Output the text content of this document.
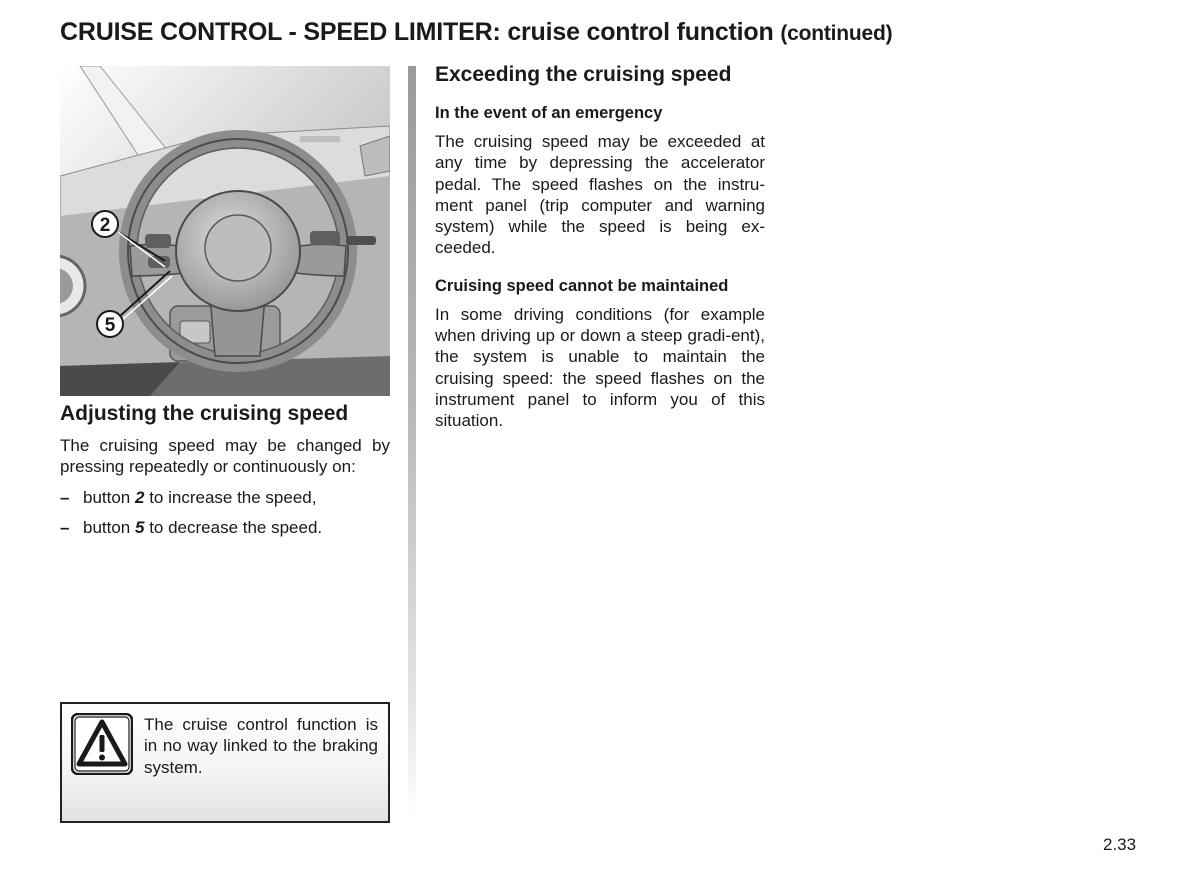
CRUISE CONTROL - SPEED LIMITER: cruise control function (continued)
2
5
Adjusting the cruising speed

The cruising speed may be changed by pressing repeatedly or continuously on:

– button 2 to increase the speed,
– button 5 to decrease the speed.

The cruise control function is in no way linked to the braking system.

Exceeding the cruising speed
In the event of an emergency

The cruising speed may be exceeded at any time by depressing the accelerator pedal. The speed flashes on the instru-ment panel (trip computer and warning system) while the speed is being ex-ceeded.

Cruising speed cannot be maintained

In some driving conditions (for example when driving up or down a steep gradi-ent), the system is unable to maintain the cruising speed: the speed flashes on the instrument panel to inform you of this situation.

2.33
